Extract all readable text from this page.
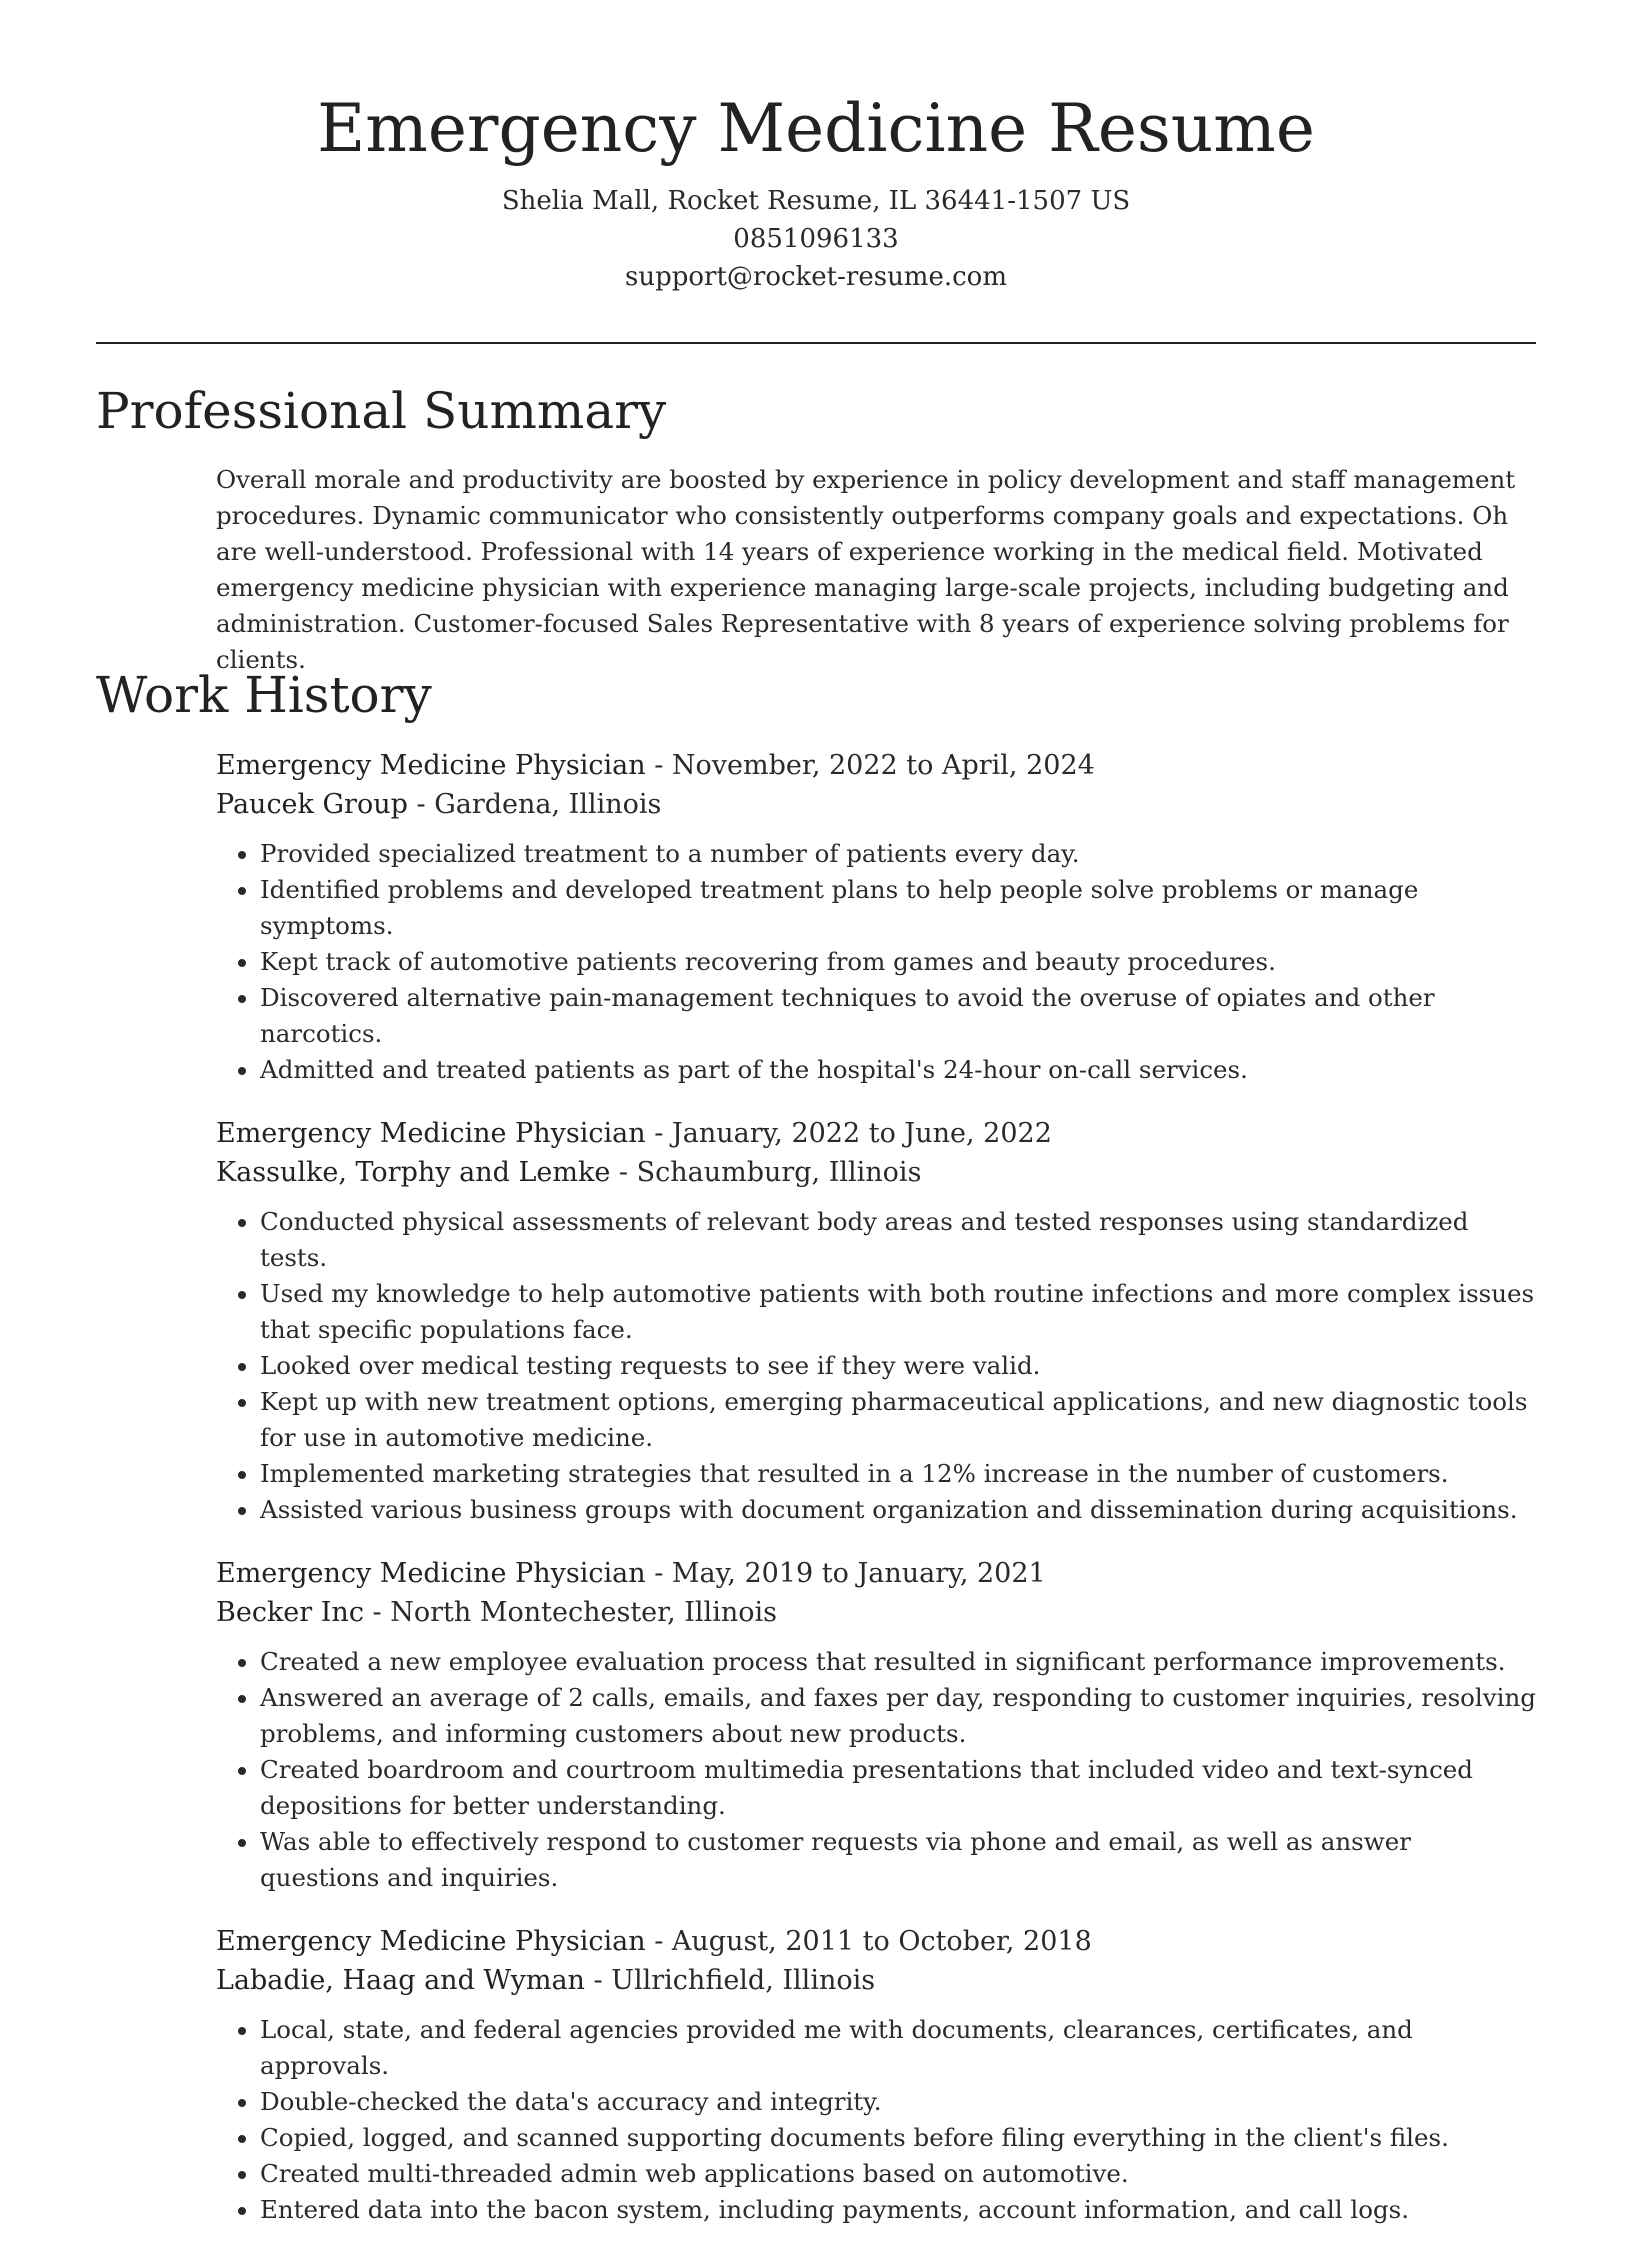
Emergency Medicine Resume
Shelia Mall, Rocket Resume, IL 36441-1507 US
0851096133
support@rocket-resume.com
Professional Summary

Overall morale and productivity are boosted by experience in policy development and staff management procedures. Dynamic communicator who consistently outperforms company goals and expectations. Oh are well-understood. Professional with 14 years of experience working in the medical field. Motivated emergency medicine physician with experience managing large-scale projects, including budgeting and administration. Customer-focused Sales Representative with 8 years of experience solving problems for clients.

Work History
Emergency Medicine Physician - November, 2022 to April, 2024
Paucek Group - Gardena, Illinois
• Provided specialized treatment to a number of patients every day.
• Identified problems and developed treatment plans to help people solve problems or manage symptoms.
• Kept track of automotive patients recovering from games and beauty procedures.
• Discovered alternative pain-management techniques to avoid the overuse of opiates and other narcotics.
• Admitted and treated patients as part of the hospital's 24-hour on-call services.
Emergency Medicine Physician - January, 2022 to June, 2022
Kassulke, Torphy and Lemke - Schaumburg, Illinois
• Conducted physical assessments of relevant body areas and tested responses using standardized tests.
• Used my knowledge to help automotive patients with both routine infections and more complex issues that specific populations face.
• Looked over medical testing requests to see if they were valid.
• Kept up with new treatment options, emerging pharmaceutical applications, and new diagnostic tools for use in automotive medicine.
• Implemented marketing strategies that resulted in a 12% increase in the number of customers.
• Assisted various business groups with document organization and dissemination during acquisitions.
Emergency Medicine Physician - May, 2019 to January, 2021
Becker Inc - North Montechester, Illinois
• Created a new employee evaluation process that resulted in significant performance improvements.
• Answered an average of 2 calls, emails, and faxes per day, responding to customer inquiries, resolving problems, and informing customers about new products.
• Created boardroom and courtroom multimedia presentations that included video and text-synced depositions for better understanding.
• Was able to effectively respond to customer requests via phone and email, as well as answer questions and inquiries.
Emergency Medicine Physician - August, 2011 to October, 2018
Labadie, Haag and Wyman - Ullrichfield, Illinois
• Local, state, and federal agencies provided me with documents, clearances, certificates, and approvals.
• Double-checked the data's accuracy and integrity.
• Copied, logged, and scanned supporting documents before filing everything in the client's files.
• Created multi-threaded admin web applications based on automotive.
• Entered data into the bacon system, including payments, account information, and call logs.
